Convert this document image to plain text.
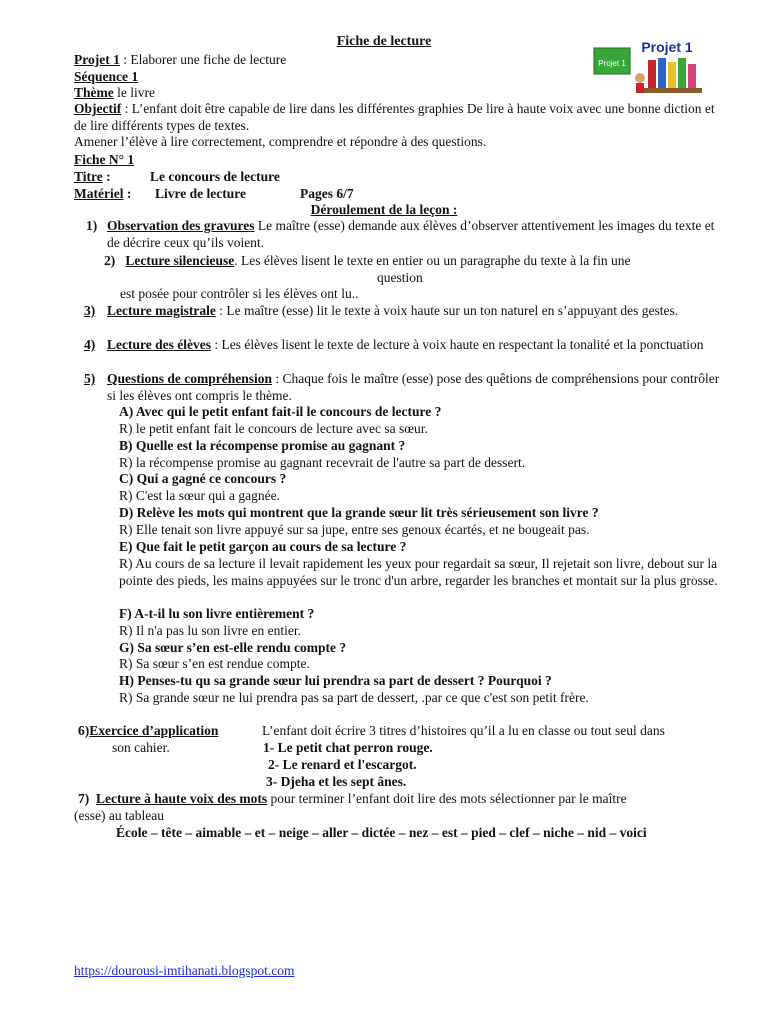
Fiche de lecture
Projet 1
Projet 1
Projet 1 : Elaborer une fiche de lecture
Séquence 1
Thème le livre
Objectif : L’enfant doit être capable de lire dans les différentes graphies De lire à haute voix avec une bonne diction et de lire différents types de textes.
Amener l’élève à lire correctement, comprendre et répondre à des questions.
Fiche N° 1
Titre :	Le concours de lecture
Matériel : Livre de lecture	Pages 6/7
Déroulement de la leçon :
1) Observation des gravures Le maître (esse) demande aux élèves d’observer attentivement les images du texte et de décrire ceux qu’ils voient.
2) Lecture silencieuse. Les élèves lisent le texte en entier ou un paragraphe du texte à la fin une
question
est posée pour contrôler si les élèves ont lu..
3) Lecture magistrale : Le maître (esse) lit le texte à voix haute sur un ton naturel en s’appuyant des gestes.
4) Lecture des élèves : Les élèves lisent le texte de lecture à voix haute en respectant la tonalité et la ponctuation
5) Questions de compréhension : Chaque fois le maître (esse) pose des quêtions de compréhensions pour contrôler si les élèves ont compris le thème.
A) Avec qui le petit enfant fait-il le concours de lecture ?
R) le petit enfant fait le concours de lecture avec sa sœur.
B) Quelle est la récompense promise au gagnant ?
R) la récompense promise au gagnant recevrait de l'autre sa part de dessert.
C) Qui a gagné ce concours ?
R) C'est la sœur qui a gagnée.
D) Relève les mots qui montrent que la grande sœur lit très sérieusement son livre ?
R) Elle tenait son livre appuyé sur sa jupe, entre ses genoux écartés, et ne bougeait pas.
E) Que fait le petit garçon au cours de sa lecture ?
R) Au cours de sa lecture il levait rapidement les yeux pour regardait sa sœur, Il rejetait son livre, debout sur la pointe des pieds, les mains appuyées sur le tronc d'un arbre, regarder les branches et montait sur la plus grosse.
F) A-t-il lu son livre entièrement ?
R) Il n'a pas lu son livre en entier.
G) Sa sœur s’en est-elle rendu compte ?
R) Sa sœur s’en est rendue compte.
H) Penses-tu qu sa grande sœur lui prendra sa part de dessert ? Pourquoi ?
R) Sa grande sœur ne lui prendra pas sa part de dessert, .par ce que c'est son petit frère.
6)Exercice d’application	L’enfant doit écrire 3 titres d’histoires qu’il a lu en classe ou tout seul dans
son cahier.	1- Le petit chat perron rouge.
2- Le renard et l'escargot.
3- Djeha et les sept ânes.
7) Lecture à haute voix des mots pour terminer l’enfant doit lire des mots sélectionner par le maître
(esse) au tableau
École – tête – aimable – et – neige – aller – dictée – nez – est – pied – clef – niche – nid – voici
https://dourousi-imtihanati.blogspot.com
